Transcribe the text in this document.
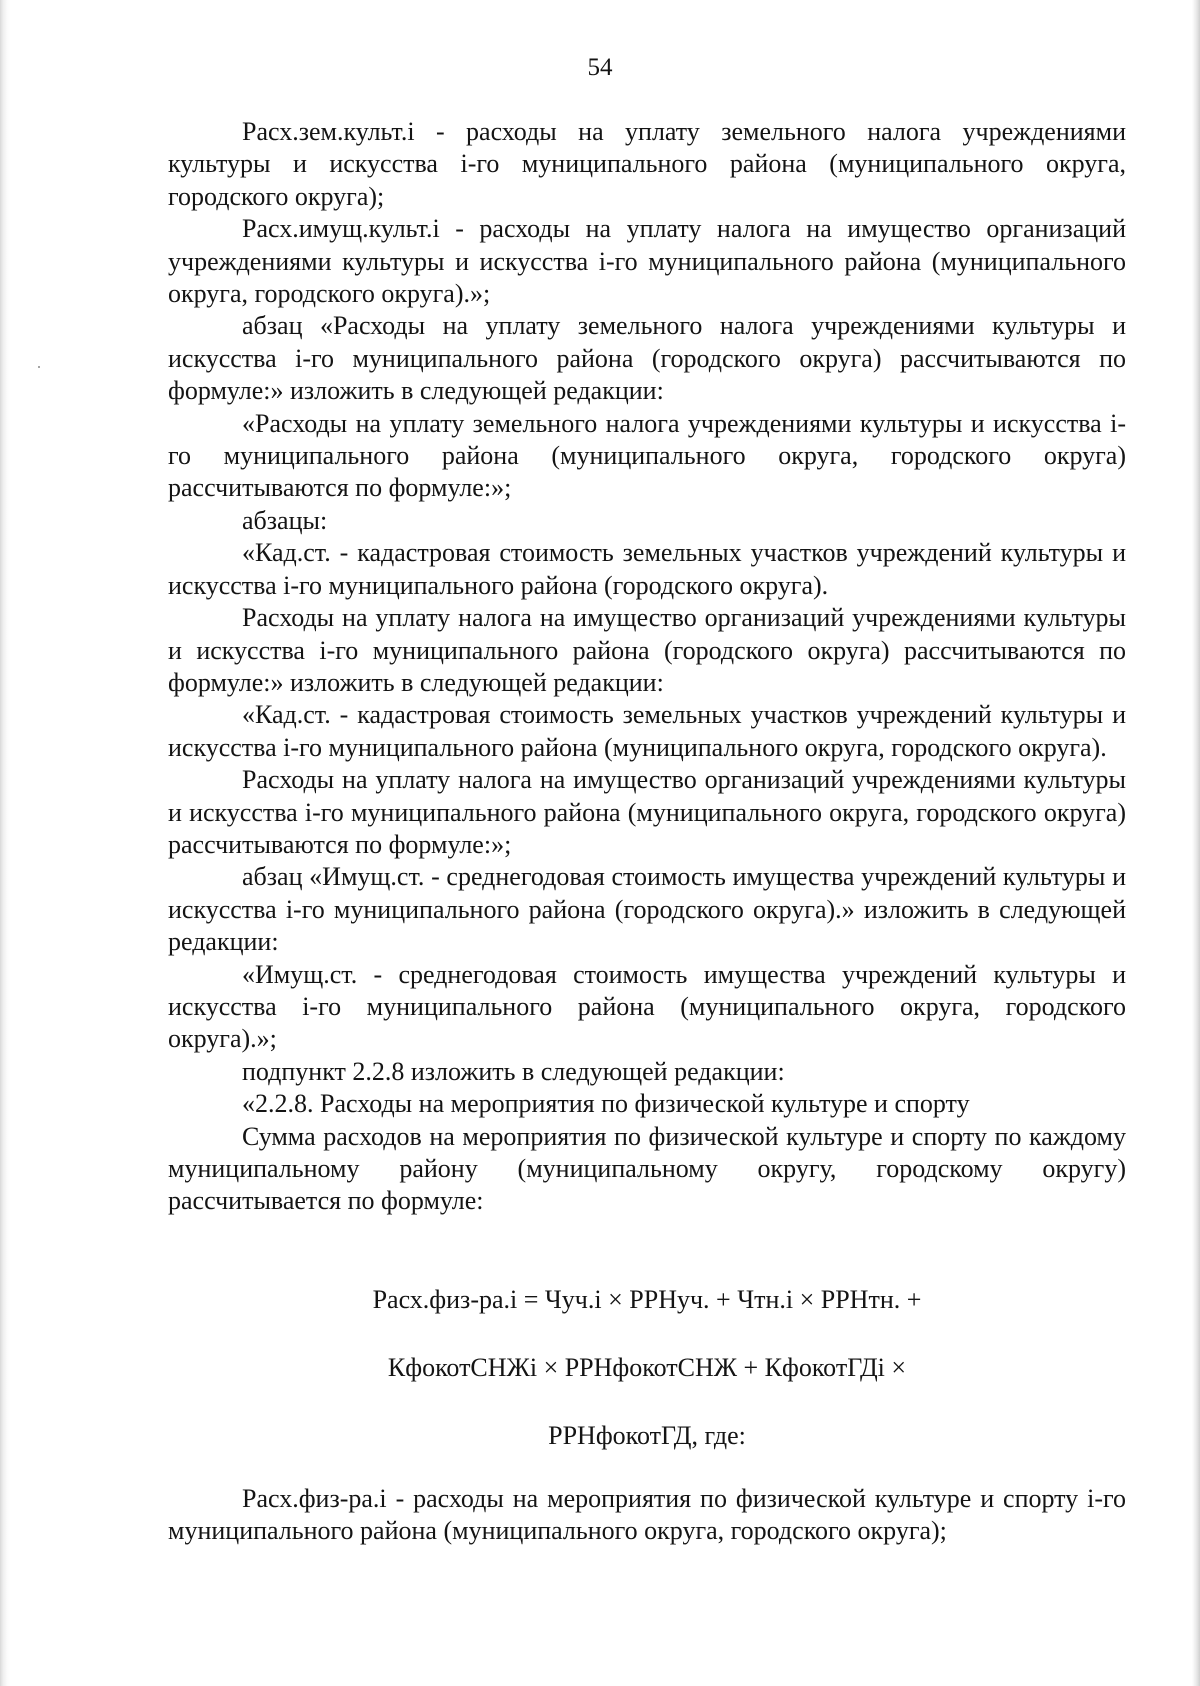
54

Расх.зем.культ.i - расходы на уплату земельного налога учреждениями культуры и искусства i-го муниципального района (муниципального округа, городского округа);

Расх.имущ.культ.i - расходы на уплату налога на имущество организаций учреждениями культуры и искусства i-го муниципального района (муниципального округа, городского округа).»;

абзац «Расходы на уплату земельного налога учреждениями культуры и искусства i-го муниципального района (городского округа) рассчитываются по формуле:» изложить в следующей редакции:

«Расходы на уплату земельного налога учреждениями культуры и искусства i-го муниципального района (муниципального округа, городского округа) рассчитываются по формуле:»;

абзацы:

«Кад.ст. - кадастровая стоимость земельных участков учреждений культуры и искусства i-го муниципального района (городского округа).

Расходы на уплату налога на имущество организаций учреждениями культуры и искусства i-го муниципального района (городского округа) рассчитываются по формуле:» изложить в следующей редакции:

«Кад.ст. - кадастровая стоимость земельных участков учреждений культуры и искусства i-го муниципального района (муниципального округа, городского округа).

Расходы на уплату налога на имущество организаций учреждениями культуры и искусства i-го муниципального района (муниципального округа, городского округа) рассчитываются по формуле:»;

абзац «Имущ.ст. - среднегодовая стоимость имущества учреждений культуры и искусства i-го муниципального района (городского округа).» изложить в следующей редакции:

«Имущ.ст. - среднегодовая стоимость имущества учреждений культуры и искусства i-го муниципального района (муниципального округа, городского округа).»;

подпункт 2.2.8 изложить в следующей редакции:

«2.2.8. Расходы на мероприятия по физической культуре и спорту

Сумма расходов на мероприятия по физической культуре и спорту по каждому муниципальному району (муниципальному округу, городскому округу) рассчитывается по формуле:

Расх.физ-ра.i = Чуч.i × РРНуч. + Чтн.i × РРНтн. +

КфокотСНЖi × РРНфокотСНЖ + КфокотГДi ×

РРНфокотГД, где:

Расх.физ-ра.i - расходы на мероприятия по физической культуре и спорту i-го муниципального района (муниципального округа, городского округа);
